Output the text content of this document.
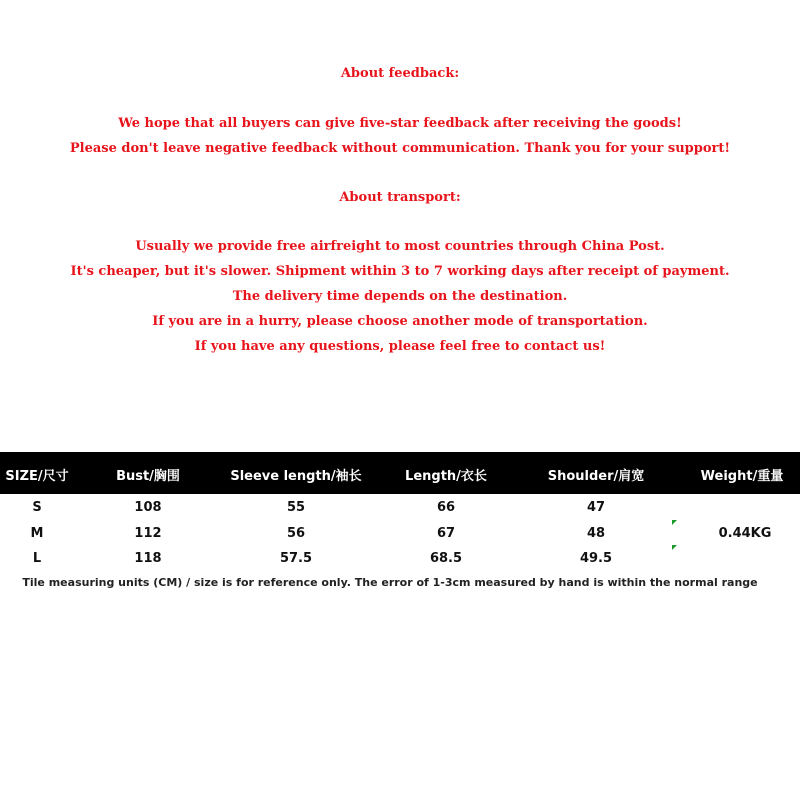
About feedback:
We hope that all buyers can give five-star feedback after receiving the goods!
Please don't leave negative feedback without communication. Thank you for your support!
About transport:
Usually we provide free airfreight to most countries through China Post.
It's cheaper, but it's slower. Shipment within 3 to 7 working days after receipt of payment.
The delivery time depends on the destination.
If you are in a hurry, please choose another mode of transportation.
If you have any questions, please feel free to contact us!
SIZE/尺寸	Bust/胸围	Sleeve length/袖长	Length/衣长	Shoulder/肩宽	Weight/重量
S	108	55	66	47
M	112	56	67	48	0.44KG
L	118	57.5	68.5	49.5
Tile measuring units (CM) / size is for reference only. The error of 1-3cm measured by hand is within the normal range
